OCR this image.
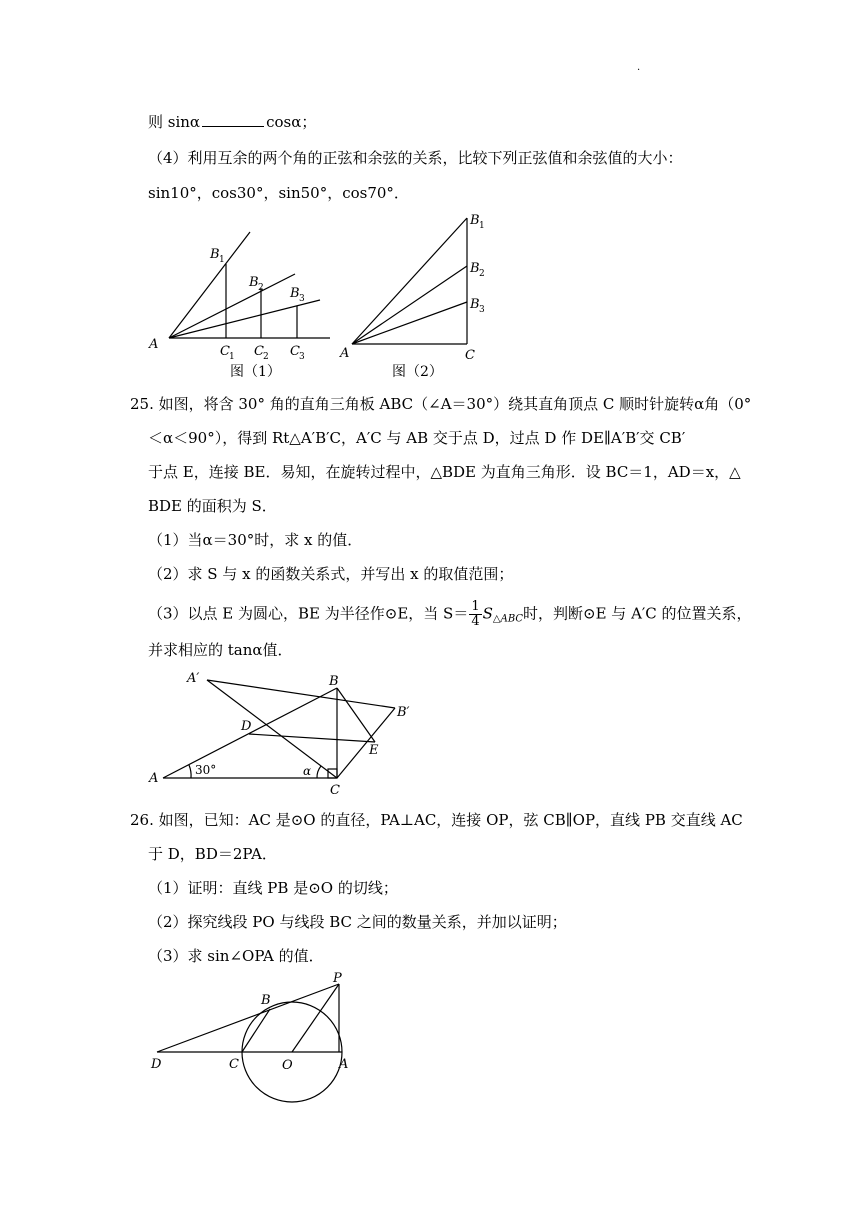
.
则 sinα	cosα；
（4）利用互余的两个角的正弦和余弦的关系，比较下列正弦值和余弦值的大小：
sin10°，cos30°，sin50°，cos70°．
A
B 1
B 2 B 3
C 1 C 2 C 3
图（1）
A	C
B 1
B 2
B 3
图（2）
25. 如图，将含 30° 角的直角三角板 ABC（∠A＝30°）绕其直角顶点 C 顺时针旋转α角（0°
＜α＜90°），得到 Rt△A′B′C，A′C 与 AB 交于点 D，过点 D 作 DE∥A′B′交 CB′
于点 E，连接 BE．易知，在旋转过程中，△BDE 为直角三角形．设 BC＝1，AD＝x，△
BDE 的面积为 S．
（1）当α＝30°时，求 x 的值．
（2）求 S 与 x 的函数关系式，并写出 x 的取值范围；
（3）以点 E 为圆心，BE 为半径作⊙E，当 $S= \frac{1}{4} S_{\triangle ABC}$时，判断⊙E 与 A′C 的位置关系，
并求相应的 tanα值．
A′	B
B′
D
E
A
C
30°	α
26. 如图，已知：AC 是⊙O 的直径，PA⊥AC，连接 OP，弦 CB∥OP，直线 PB 交直线 AC
于 D，BD＝2PA．
（1）证明：直线 PB 是⊙O 的切线；
（2）探究线段 PO 与线段 BC 之间的数量关系，并加以证明；
（3）求 sin∠OPA 的值．
P
B
D	C	O	A
